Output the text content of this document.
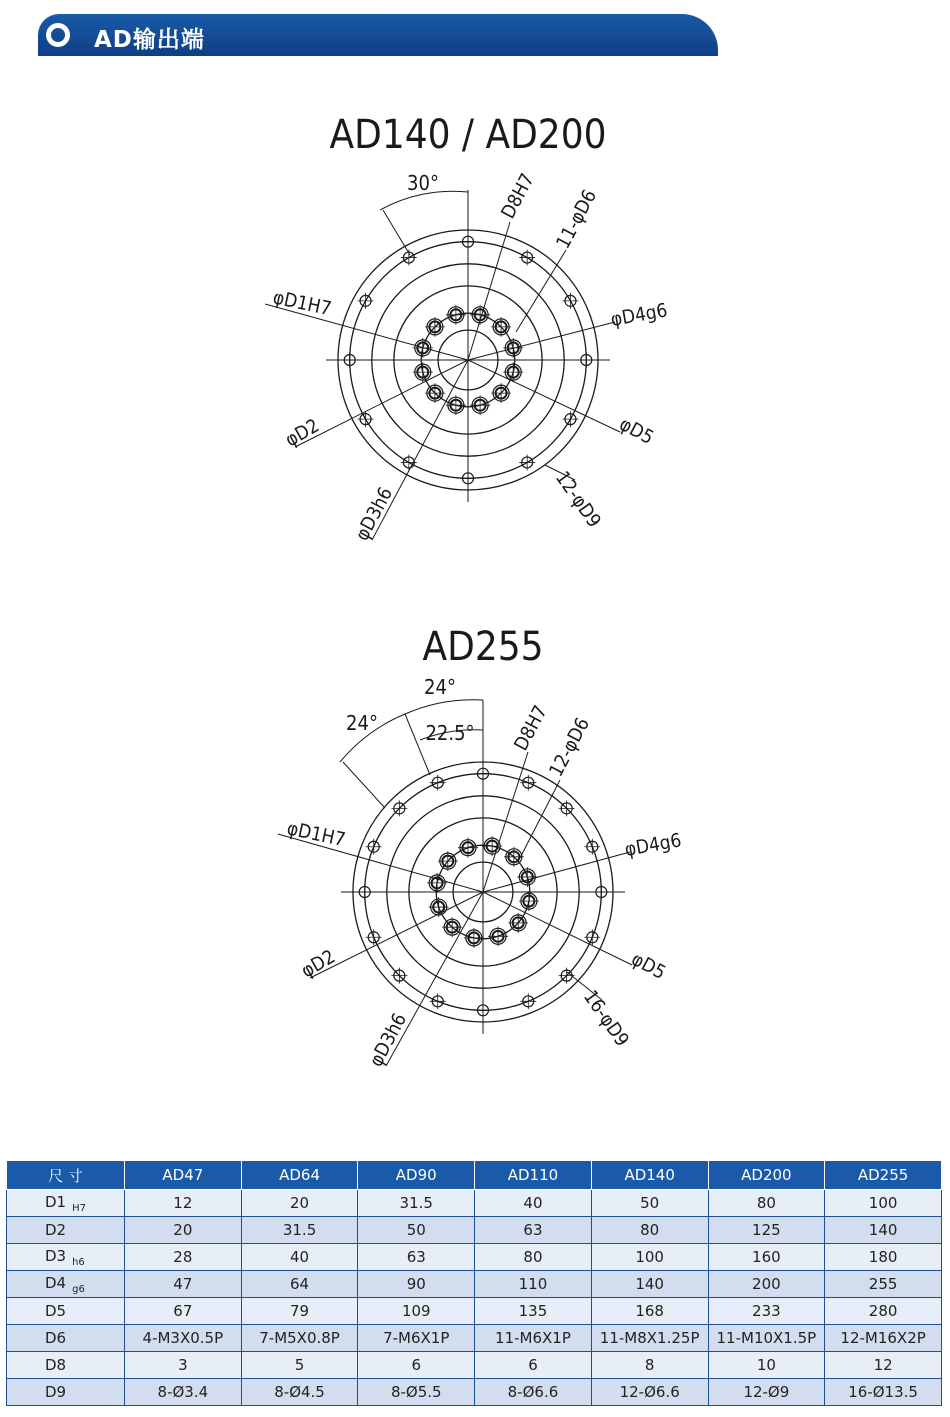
AD输出端
AD140 / AD200
30°	D8H7 11-φD6
φD1H7	φD4g6
φD2	φD5
φD3h6	12-φD9
AD255
24°
24° 22.5° D8H7
12-φD6
φD1H7	φD4g6
φD2	φD5
φD3h6	16-φD9
尺 寸	AD47	AD64	AD90	AD110	AD140	AD200	AD255
D1 $_{H7}$	12	20	31.5	40	50	80	100
D2	20	31.5	50	63	80	125	140
D3 $_{h6}$	28	40	63	80	100	160	180
D4 $_{g6}$	47	64	90	110	140	200	255
D5	67	79	109	135	168	233	280
D6	4-M3X0.5P	7-M5X0.8P	7-M6X1P	11-M6X1P	11-M8X1.25P	11-M10X1.5P	12-M16X2P
D8	3	5	6	6	8	10	12
D9	8-Ø3.4	8-Ø4.5	8-Ø5.5	8-Ø6.6	12-Ø6.6	12-Ø9	16-Ø13.5
